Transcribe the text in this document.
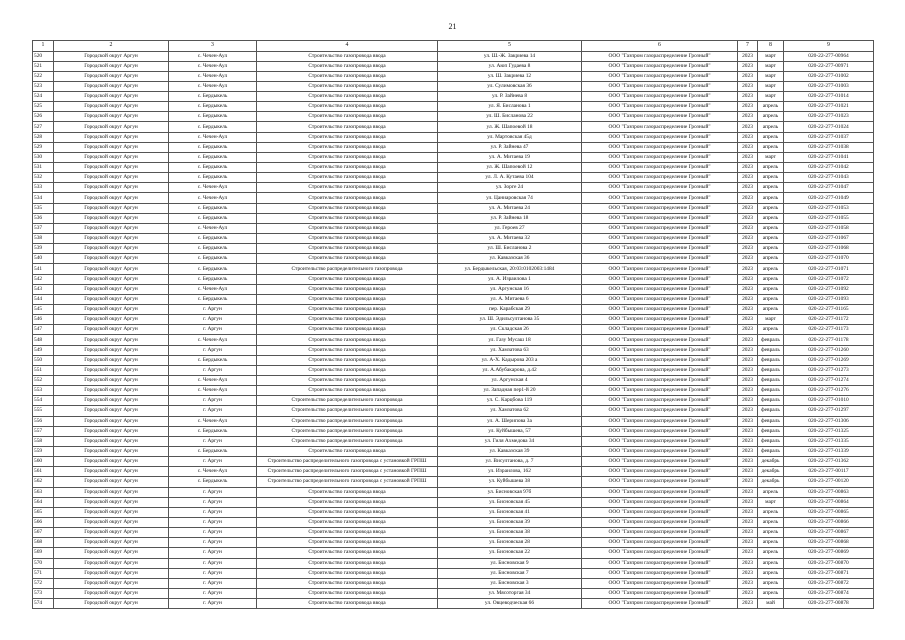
21
1	2	3	4	5	6	7	8	9
520	Городской округ Аргун	с. Чечен-Аул	Строительство газопровода ввода	ул. Ш.-Ж. Закриева 14	ООО "Газпром газораспределение Грозный"	2023	март	020-22-277-00964
521	Городской округ Аргун	с. Чечен-Аул	Строительство газопровода ввода	ул. Аюп Гудаева 8	ООО "Газпром газораспределение Грозный"	2023	март	020-22-277-00971
522	Городской округ Аргун	с. Чечен-Аул	Строительство газопровода ввода	ул. Ш. Закриева 12	ООО "Газпром газораспределение Грозный"	2023	март	020-22-277-01002
523	Городской округ Аргун	с. Чечен-Аул	Строительство газопровода ввода	ул. Сулимовская 36	ООО "Газпром газораспределение Грозный"	2023	март	020-22-277-01003
524	Городской округ Аргун	с. Бердыкель	Строительство газопровода ввода	ул. Р. Зайнева 8	ООО "Газпром газораспределение Грозный"	2023	март	020-22-277-01014
525	Городской округ Аргун	с. Бердыкель	Строительство газопровода ввода	ул. Я. Бисланова 1	ООО "Газпром газораспределение Грозный"	2023	апрель	020-22-277-01021
526	Городской округ Аргун	с. Бердыкель	Строительство газопровода ввода	ул. Ш. Бисланова 22	ООО "Газпром газораспределение Грозный"	2023	апрель	020-22-277-01023
527	Городской округ Аргун	с. Бердыкель	Строительство газопровода ввода	ул. Ж. Шапоевой 18	ООО "Газпром газораспределение Грозный"	2023	апрель	020-22-277-01024
528	Городской округ Аргун	с. Чечен-Аул	Строительство газопровода ввода	ул. Мартовская 45д	ООО "Газпром газораспределение Грозный"	2023	апрель	020-22-277-01037
529	Городской округ Аргун	с. Бердыкель	Строительство газопровода ввода	ул. Р. Зайнева 47	ООО "Газпром газораспределение Грозный"	2023	апрель	020-22-277-01038
530	Городской округ Аргун	с. Бердыкель	Строительство газопровода ввода	ул. А. Митаева 19	ООО "Газпром газораспределение Грозный"	2023	март	020-22-277-01041
531	Городской округ Аргун	с. Бердыкель	Строительство газопровода ввода	ул. Ж. Шапоевой 12	ООО "Газпром газораспределение Грозный"	2023	апрель	020-22-277-01042
532	Городской округ Аргун	с. Бердыкель	Строительство газопровода ввода	ул. Л. А. Кутаева 104	ООО "Газпром газораспределение Грозный"	2023	апрель	020-22-277-01043
533	Городской округ Аргун	с. Чечен-Аул	Строительство газопровода ввода	ул. Зорге 24	ООО "Газпром газораспределение Грозный"	2023	апрель	020-22-277-01047
534	Городской округ Аргун	с. Чечен-Аул	Строительство газопровода ввода	ул. Цаниаровская 74	ООО "Газпром газораспределение Грозный"	2023	апрель	020-22-277-01049
535	Городской округ Аргун	с. Бердыкель	Строительство газопровода ввода	ул. А. Митаева 24	ООО "Газпром газораспределение Грозный"	2023	апрель	020-22-277-01053
536	Городской округ Аргун	с. Бердыкель	Строительство газопровода ввода	ул. Р. Зайнева 18	ООО "Газпром газораспределение Грозный"	2023	апрель	020-22-277-01055
537	Городской округ Аргун	с. Чечен-Аул	Строительство газопровода ввода	ул. Героев 27	ООО "Газпром газораспределение Грозный"	2023	апрель	020-22-277-01058
538	Городской округ Аргун	с. Бердыкель	Строительство газопровода ввода	ул. А. Митаева 32	ООО "Газпром газораспределение Грозный"	2023	апрель	020-22-277-01067
539	Городской округ Аргун	с. Бердыкель	Строительство газопровода ввода	ул. Ш. Бисланова 2	ООО "Газпром газораспределение Грозный"	2023	апрель	020-22-277-01068
540	Городской округ Аргун	с. Бердыкель	Строительство газопровода ввода	ул. Кавказская 36	ООО "Газпром газораспределение Грозный"	2023	апрель	020-22-277-01070
541	Городской округ Аргун	с. Бердыкель	Строительство распределительного газопровода	ул. Бердыкельская, 20:03:0102003:1484	ООО "Газпром газораспределение Грозный"	2023	апрель	020-22-277-01071
542	Городской округ Аргун	с. Бердыкель	Строительство газопровода ввода	ул. А. Израилова 1	ООО "Газпром газораспределение Грозный"	2023	апрель	020-22-277-01072
543	Городской округ Аргун	с. Чечен-Аул	Строительство газопровода ввода	ул. Аргунская 16	ООО "Газпром газораспределение Грозный"	2023	апрель	020-22-277-01092
544	Городской округ Аргун	с. Бердыкель	Строительство газопровода ввода	ул. А. Митаева 6	ООО "Газпром газораспределение Грозный"	2023	апрель	020-22-277-01093
545	Городской округ Аргун	г. Аргун	Строительство газопровода ввода	пер. Карабская 29	ООО "Газпром газораспределение Грозный"	2023	апрель	020-22-277-01165
546	Городской округ Аргун	г. Аргун	Строительство газопровода ввода	ул. Ш. Эдильсултанова 35	ООО "Газпром газораспределение Грозный"	2023	март	020-22-277-01172
547	Городской округ Аргун	г. Аргун	Строительство газопровода ввода	ул. Складская 26	ООО "Газпром газораспределение Грозный"	2023	апрель	020-22-277-01173
548	Городской округ Аргун	с. Чечен-Аул	Строительство газопровода ввода	ул. Газу Мусаш 18	ООО "Газпром газораспределение Грозный"	2023	февраль	020-22-277-01178
549	Городской округ Аргун	г. Аргун	Строительство газопровода ввода	ул. Хамзатова 63	ООО "Газпром газораспределение Грозный"	2023	февраль	020-22-277-01260
550	Городской округ Аргун	с. Бердыкель	Строительство газопровода ввода	ул. А-Х. Кадырова 203 а	ООО "Газпром газораспределение Грозный"	2023	февраль	020-22-277-01269
551	Городской округ Аргун	г. Аргун	Строительство газопровода ввода	ул. А.Абубакарова, д.42	ООО "Газпром газораспределение Грозный"	2023	февраль	020-22-277-01273
552	Городской округ Аргун	с. Чечен-Аул	Строительство газопровода ввода	ул. Аргунская 4	ООО "Газпром газораспределение Грозный"	2023	февраль	020-22-277-01274
553	Городской округ Аргун	с. Чечен-Аул	Строительство газопровода ввода	ул. Западная пер1-й 20	ООО "Газпром газораспределение Грозный"	2023	февраль	020-22-277-01276
554	Городской округ Аргун	г. Аргун	Строительство распределительного газопровода	ул. С. Карцбова 119	ООО "Газпром газораспределение Грозный"	2023	февраль	020-22-277-01010
555	Городской округ Аргун	г. Аргун	Строительство распределительного газопровода	ул. Хамзатова 62	ООО "Газпром газораспределение Грозный"	2023	февраль	020-22-277-01297
556	Городской округ Аргун	с. Чечен-Аул	Строительство распределительного газопровода	ул. А. Шерипова 3а	ООО "Газпром газораспределение Грозный"	2023	февраль	020-22-277-01306
557	Городской округ Аргун	с. Бердыкель	Строительство распределительного газопровода	ул. Куйбышева, 57	ООО "Газпром газораспределение Грозный"	2023	февраль	020-22-277-01325
558	Городской округ Аргун	г. Аргун	Строительство распределительного газопровода	ул. Гиля Ахмедова 34	ООО "Газпром газораспределение Грозный"	2023	февраль	020-22-277-01335
559	Городской округ Аргун	с. Бердыкель	Строительство газопровода ввода	ул. Кавказская 39	ООО "Газпром газораспределение Грозный"	2023	февраль	020-22-277-01339
560	Городской округ Аргун	г. Аргун	Строительство распределительного газопровода с установкой ГРПШ	ул. Висултанова, д. 7	ООО "Газпром газораспределение Грозный"	2023	декабрь	020-22-277-01362
561	Городской округ Аргун	с. Чечен-Аул	Строительство распределительного газопровода с установкой ГРПШ	ул. Израилова, 162	ООО "Газпром газораспределение Грозный"	2023	декабрь	020-23-277-00117
562	Городской округ Аргун	с. Бердыкель	Строительство распределительного газопровода с установкой ГРПШ	ул. Куйбышева 38	ООО "Газпром газораспределение Грозный"	2023	декабрь	020-23-277-00120
563	Городской округ Аргун	г. Аргун	Строительство газопровода ввода	ул. Бисновская 97б	ООО "Газпром газораспределение Грозный"	2023	апрель	020-23-277-00863
564	Городской округ Аргун	г. Аргун	Строительство газопровода ввода	ул. Бисновская 45	ООО "Газпром газораспределение Грозный"	2023	март	020-23-277-00864
565	Городской округ Аргун	г. Аргун	Строительство газопровода ввода	ул. Бисновская 41	ООО "Газпром газораспределение Грозный"	2023	апрель	020-23-277-00865
566	Городской округ Аргун	г. Аргун	Строительство газопровода ввода	ул. Бисновская 39	ООО "Газпром газораспределение Грозный"	2023	апрель	020-23-277-00866
567	Городской округ Аргун	г. Аргун	Строительство газопровода ввода	ул. Бисновская 38	ООО "Газпром газораспределение Грозный"	2023	апрель	020-23-277-00867
568	Городской округ Аргун	г. Аргун	Строительство газопровода ввода	ул. Бисновская 28	ООО "Газпром газораспределение Грозный"	2023	апрель	020-23-277-00868
569	Городской округ Аргун	г. Аргун	Строительство газопровода ввода	ул. Бисновская 22	ООО "Газпром газораспределение Грозный"	2023	апрель	020-23-277-00869
570	Городской округ Аргун	г. Аргун	Строительство газопровода ввода	ул. Бисновская 9	ООО "Газпром газораспределение Грозный"	2023	апрель	020-23-277-00870
571	Городской округ Аргун	г. Аргун	Строительство газопровода ввода	ул. Бисновская 7	ООО "Газпром газораспределение Грозный"	2023	апрель	020-23-277-00871
572	Городской округ Аргун	г. Аргун	Строительство газопровода ввода	ул. Бисновская 3	ООО "Газпром газораспределение Грозный"	2023	апрель	020-23-277-00872
573	Городской округ Аргун	г. Аргун	Строительство газопровода ввода	ул. Мясоторгая 34	ООО "Газпром газораспределение Грозный"	2023	апрель	020-23-277-00874
574	Городской округ Аргун	г. Аргун	Строительство газопровода ввода	ул. Овцеводческая 66	ООО "Газпром газораспределение Грозный"	2023	май	020-23-277-00878
